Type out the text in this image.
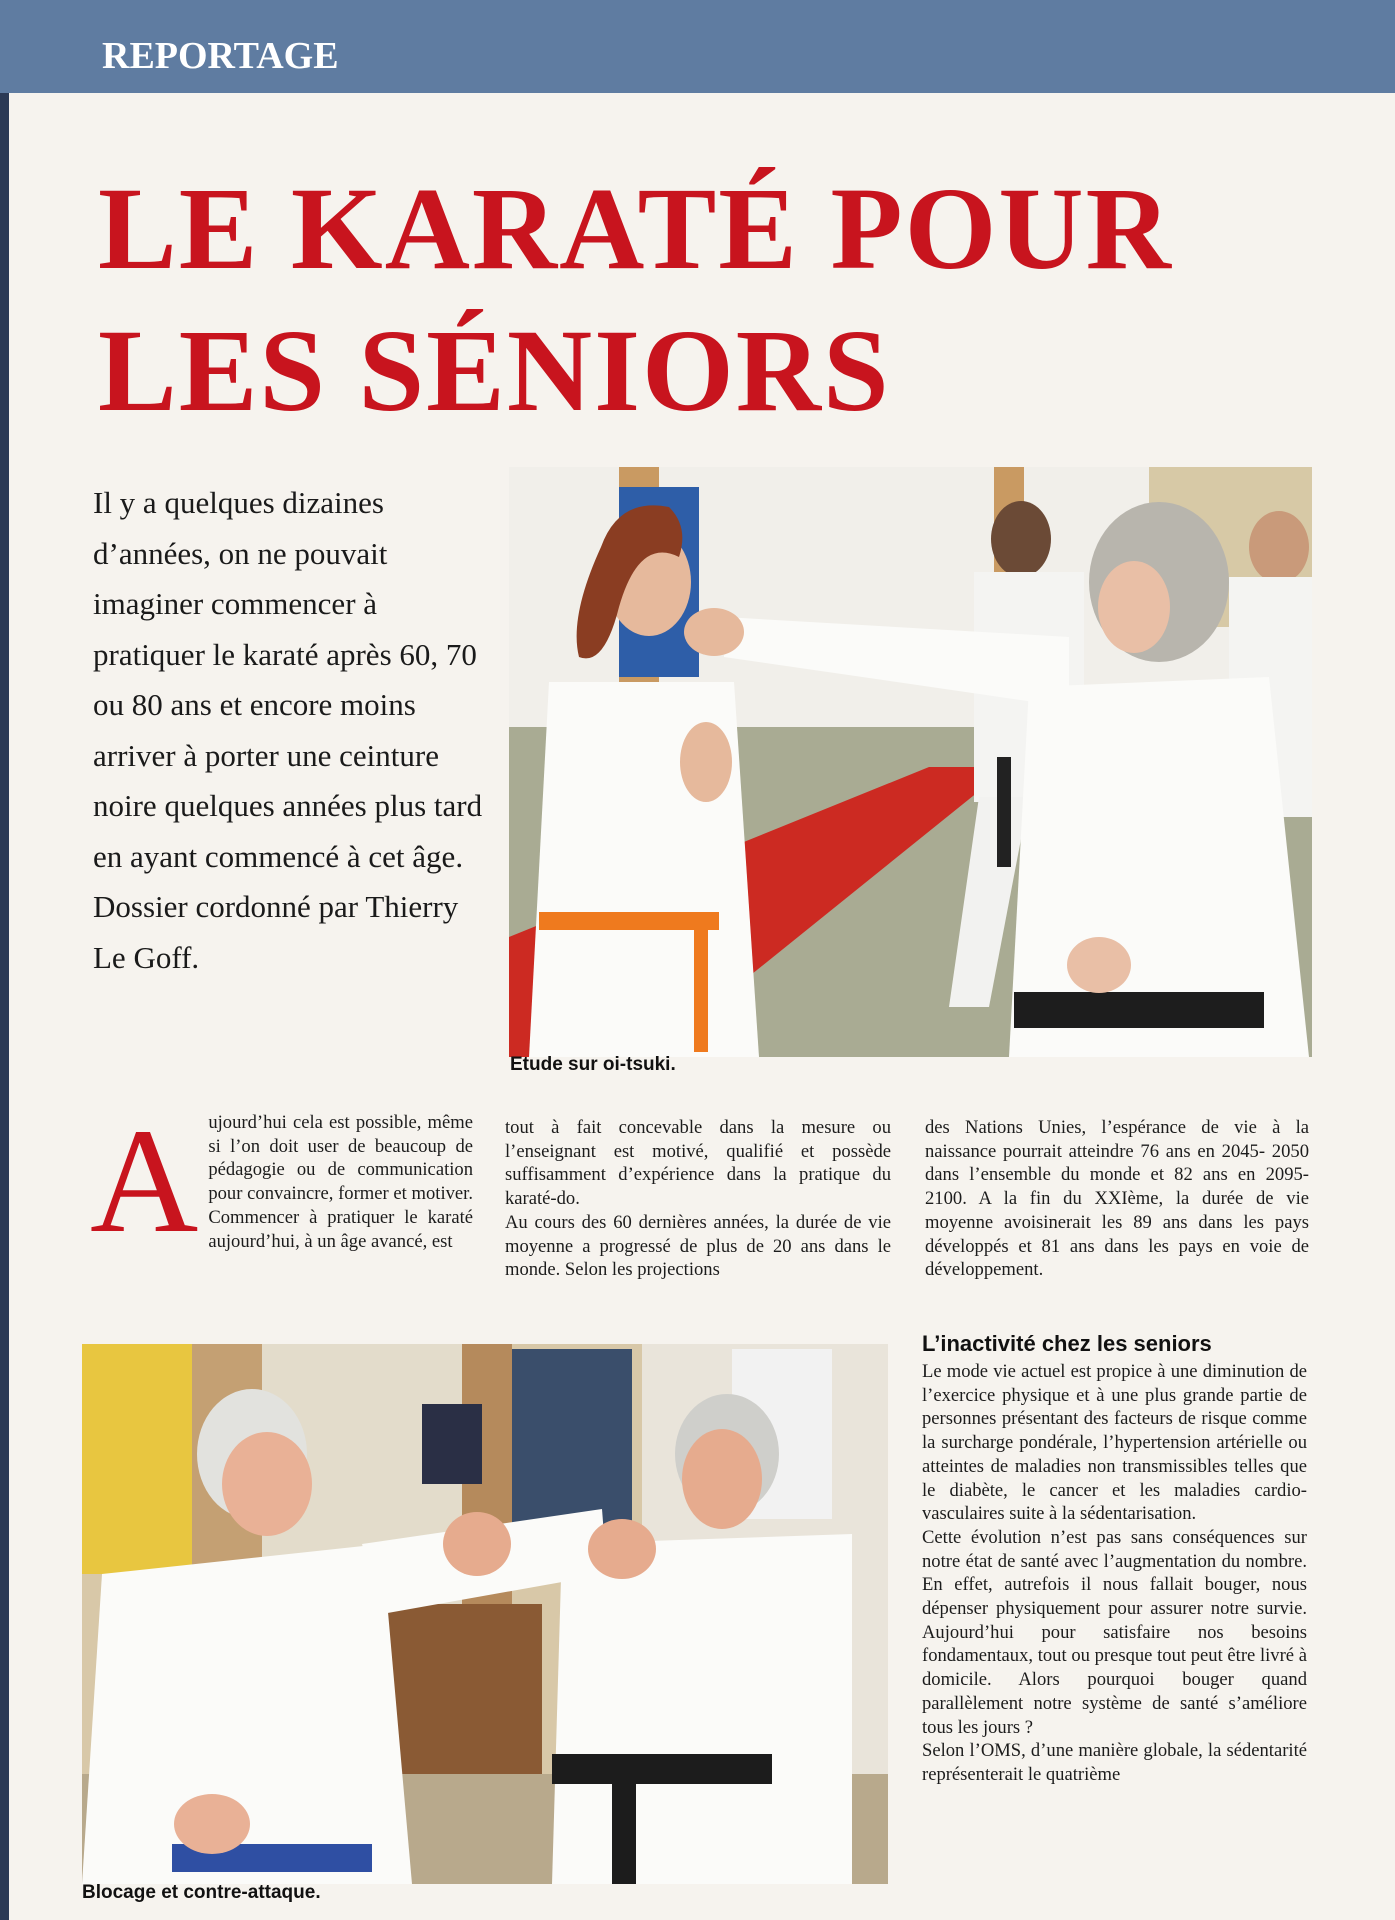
REPORTAGE
LE KARATÉ POUR
LES SÉNIORS

Il y a quelques dizaines d’années, on ne pouvait imaginer commencer à pratiquer le karaté après 60, 70 ou 80 ans et encore moins arriver à porter une ceinture noire quelques années plus tard en ayant commencé à cet âge. Dossier cordonné par Thierry Le Goff.

Etude sur oi-tsuki.
A ujourd’hui cela est possible, même si l’on doit user de beaucoup de pédagogie ou de communication pour convaincre, former et motiver. Commencer à pratiquer le karaté aujourd’hui, à un âge avancé, est

tout à fait concevable dans la mesure ou l’enseignant est motivé, qualifié et possède suffisamment d’expérience dans la pratique du karaté-do.

Au cours des 60 dernières années, la durée de vie moyenne a progressé de plus de 20 ans dans le monde. Selon les projections

des Nations Unies, l’espérance de vie à la naissance pourrait atteindre 76 ans en 2045- 2050 dans l’ensemble du monde et 82 ans en 2095- 2100. A la fin du XXIème, la durée de vie moyenne avoisinerait les 89 ans dans les pays développés et 81 ans dans les pays en voie de développement.

L’inactivité chez les seniors

Le mode vie actuel est propice à une diminution de l’exercice physique et à une plus grande partie de personnes présentant des facteurs de risque comme la surcharge pondérale, l’hypertension artérielle ou atteintes de maladies non transmissibles telles que le diabète, le cancer et les maladies cardio-vasculaires suite à la sédentarisation.

Cette évolution n’est pas sans conséquences sur notre état de santé avec l’augmentation du nombre. En effet, autrefois il nous fallait bouger, nous dépenser physiquement pour assurer notre survie. Aujourd’hui pour satisfaire nos besoins fondamentaux, tout ou presque tout peut être livré à domicile. Alors pourquoi bouger quand parallèlement notre système de santé s’améliore tous les jours ?

Selon l’OMS, d’une manière globale, la sédentarité représenterait le quatrième

Blocage et contre-attaque.
